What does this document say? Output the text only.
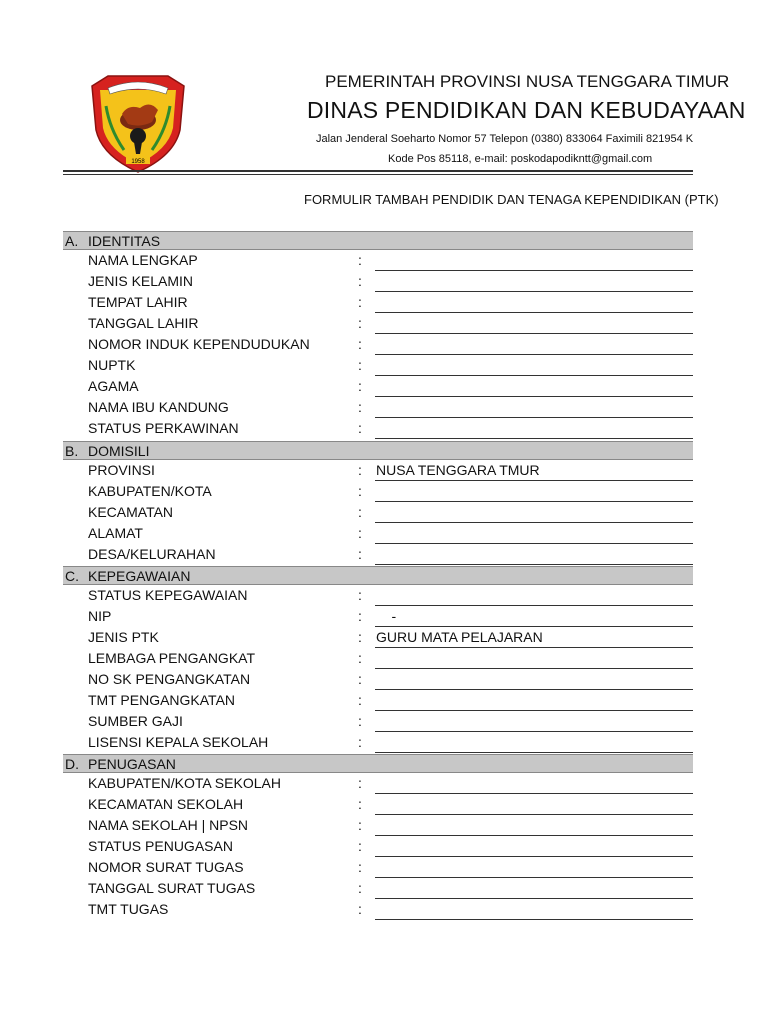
1958
PEMERINTAH PROVINSI NUSA TENGGARA TIMUR
DINAS PENDIDIKAN DAN KEBUDAYAAN
Jalan Jenderal Soeharto Nomor 57 Telepon (0380) 833064 Faximili 821954 K
Kode Pos 85118, e-mail: poskodapodikntt@gmail.com
FORMULIR TAMBAH PENDIDIK DAN TENAGA KEPENDIDIKAN (PTK)
A. IDENTITAS
NAMA LENGKAP	:
JENIS KELAMIN	:
TEMPAT LAHIR	:
TANGGAL LAHIR	:
NOMOR INDUK KEPENDUDUKAN	:
NUPTK	:
AGAMA	:
NAMA IBU KANDUNG	:
STATUS PERKAWINAN	:
B. DOMISILI
PROVINSI	: NUSA TENGGARA TMUR
KABUPATEN/KOTA	:
KECAMATAN	:
ALAMAT	:
DESA/KELURAHAN	:
C. KEPEGAWAIAN
STATUS KEPEGAWAIAN	:
NIP	: -
JENIS PTK	: GURU MATA PELAJARAN
LEMBAGA PENGANGKAT	:
NO SK PENGANGKATAN	:
TMT PENGANGKATAN	:
SUMBER GAJI	:
LISENSI KEPALA SEKOLAH	:
D. PENUGASAN
KABUPATEN/KOTA SEKOLAH	:
KECAMATAN SEKOLAH	:
NAMA SEKOLAH | NPSN	:
STATUS PENUGASAN	:
NOMOR SURAT TUGAS	:
TANGGAL SURAT TUGAS	:
TMT TUGAS	:
